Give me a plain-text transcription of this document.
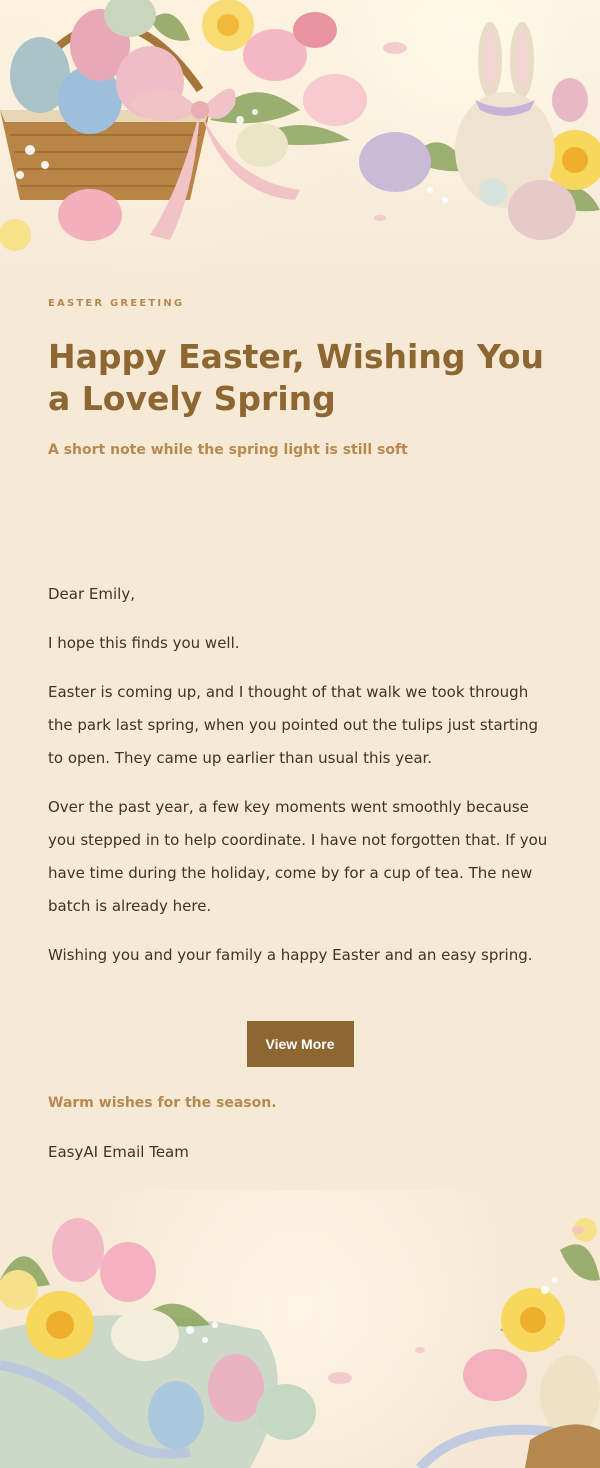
EASTER GREETING
Happy Easter, Wishing You a Lovely Spring
A short note while the spring light is still soft

Dear Emily,

I hope this finds you well.

Easter is coming up, and I thought of that walk we took through the park last spring, when you pointed out the tulips just starting to open. They came up earlier than usual this year.

Over the past year, a few key moments went smoothly because you stepped in to help coordinate. I have not forgotten that. If you have time during the holiday, come by for a cup of tea. The new batch is already here.

Wishing you and your family a happy Easter and an easy spring.

View More
Warm wishes for the season.
EasyAI Email Team
